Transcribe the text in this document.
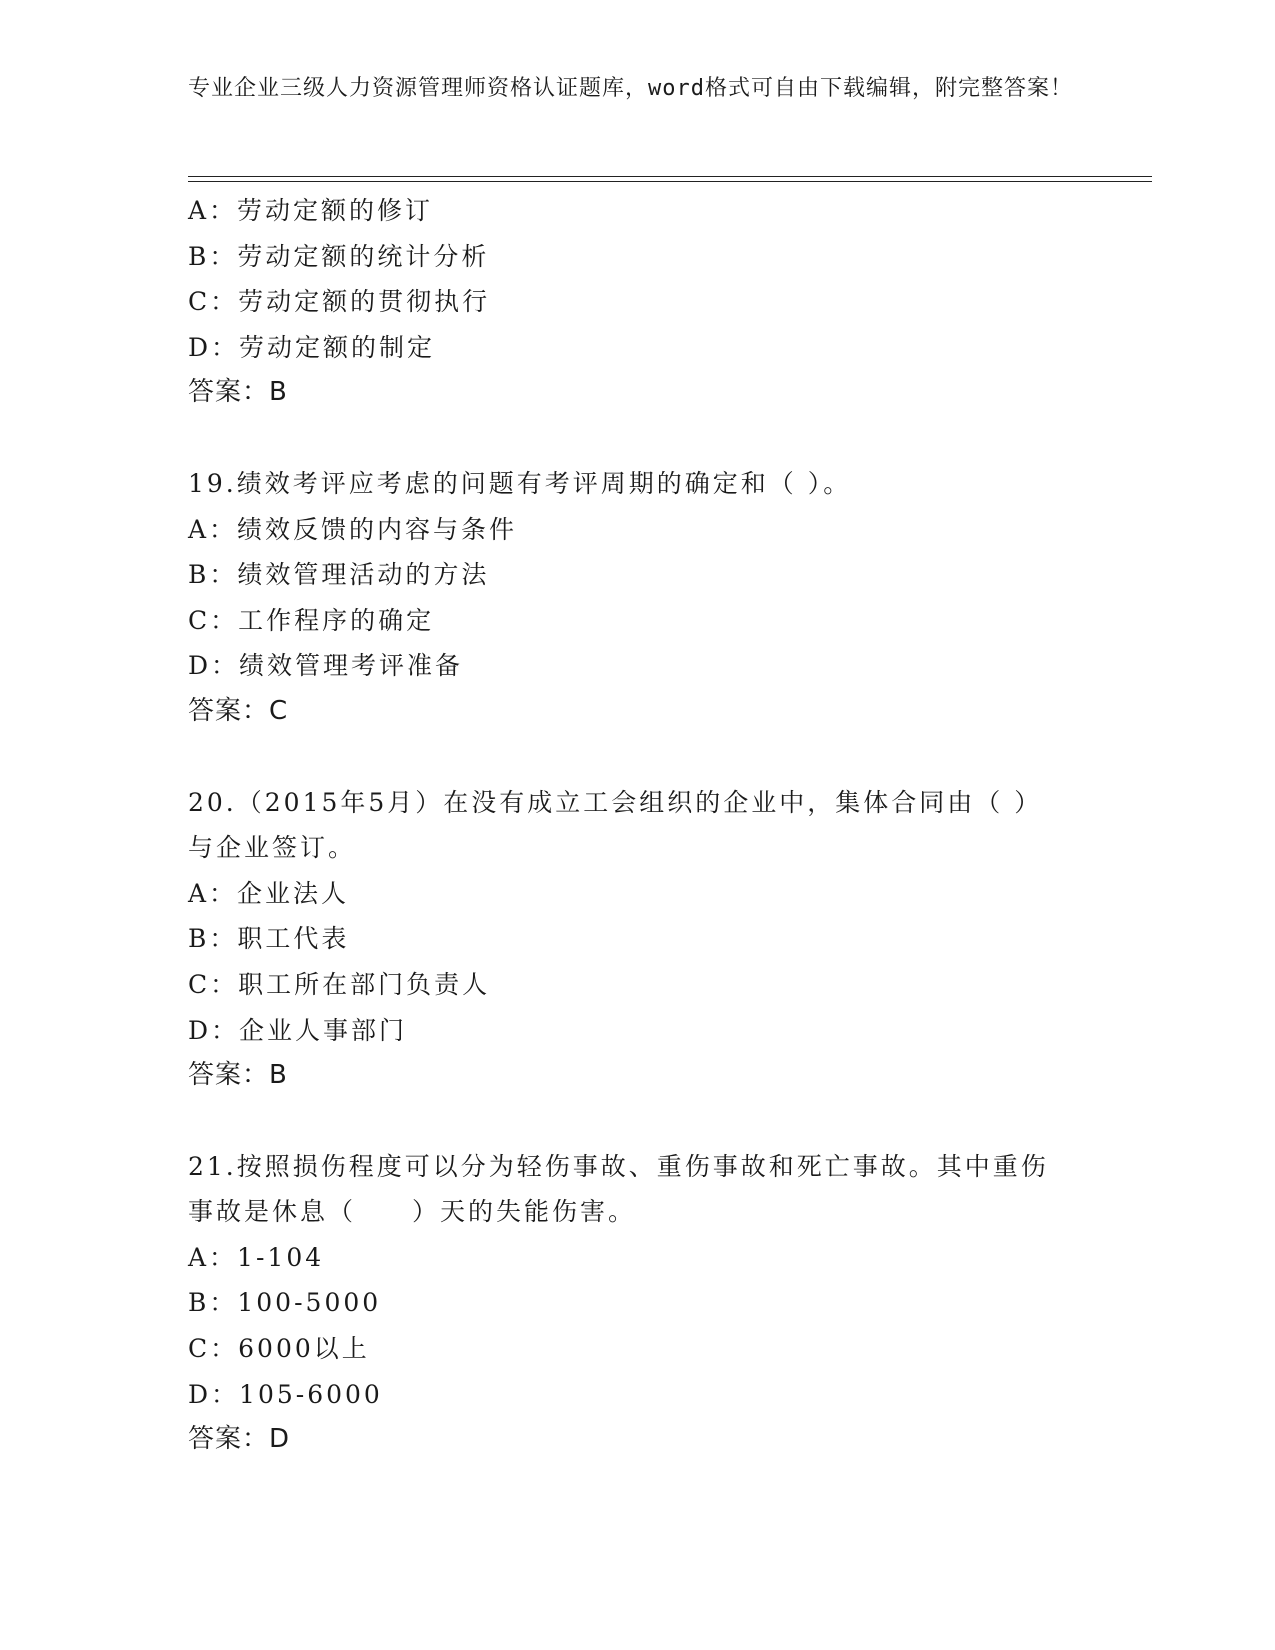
专业企业三级人力资源管理师资格认证题库，word格式可自由下载编辑，附完整答案！
A：劳动定额的修订
B：劳动定额的统计分析
C：劳动定额的贯彻执行
D：劳动定额的制定
答案：B
19.绩效考评应考虑的问题有考评周期的确定和（ ）。
A：绩效反馈的内容与条件
B：绩效管理活动的方法
C：工作程序的确定
D：绩效管理考评准备
答案：C
20.（2015年5月）在没有成立工会组织的企业中，集体合同由（ ）与企业签订。
A：企业法人
B：职工代表
C：职工所在部门负责人
D：企业人事部门
答案：B
21.按照损伤程度可以分为轻伤事故、重伤事故和死亡事故。其中重伤事故是休息（　　）天的失能伤害。
A：1-104
B：100-5000
C：6000以上
D：105-6000
答案：D
